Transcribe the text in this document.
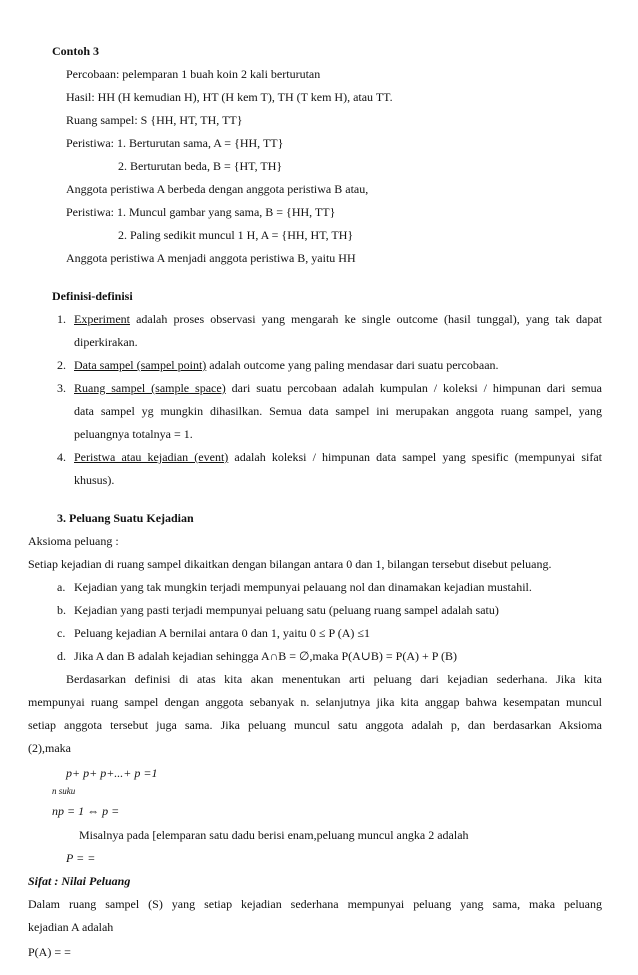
Contoh 3
Percobaan: pelemparan 1 buah koin 2 kali berturutan
Hasil: HH (H kemudian H), HT (H kem T), TH (T kem H), atau TT.
Ruang sampel: S {HH, HT, TH, TT}
Peristiwa: 1. Berturutan sama, A = {HH, TT}
2. Berturutan beda, B = {HT, TH}
Anggota peristiwa A berbeda dengan anggota peristiwa B atau,
Peristiwa: 1. Muncul gambar yang sama, B = {HH, TT}
2. Paling sedikit muncul 1 H, A = {HH, HT, TH}
Anggota peristiwa A menjadi anggota peristiwa B, yaitu HH
Definisi-definisi
1. Experiment adalah proses observasi yang mengarah ke single outcome (hasil tunggal), yang tak dapat
diperkirakan.
2. Data sampel (sampel point) adalah outcome yang paling mendasar dari suatu percobaan.
3. Ruang sampel (sample space) dari suatu percobaan adalah kumpulan / koleksi / himpunan dari semua
data sampel yg mungkin dihasilkan. Semua data sampel ini merupakan anggota ruang sampel, yang
peluangnya totalnya = 1.
4. Peristwa atau kejadian (event) adalah koleksi / himpunan data sampel yang spesific (mempunyai sifat
khusus).
3. Peluang Suatu Kejadian
Aksioma peluang :
Setiap kejadian di ruang sampel dikaitkan dengan bilangan antara 0 dan 1, bilangan tersebut disebut peluang.
a. Kejadian yang tak mungkin terjadi mempunyai pelauang nol dan dinamakan kejadian mustahil.
b. Kejadian yang pasti terjadi mempunyai peluang satu (peluang ruang sampel adalah satu)
c. Peluang kejadian A bernilai antara 0 dan 1, yaitu 0 ≤ P (A) ≤1
d. Jika A dan B adalah kejadian sehingga A∩B = ∅,maka P(A∪B) = P(A) + P (B)
Berdasarkan definisi di atas kita akan menentukan arti peluang dari kejadian sederhana. Jika kita
mempunyai ruang sampel dengan anggota sebanyak n. selanjutnya jika kita anggap bahwa kesempatan muncul
setiap anggota tersebut juga sama. Jika peluang muncul satu anggota adalah p, dan berdasarkan Aksioma
(2),maka
p+ p+ p+...+ p =1
n suku
np = 1 ⇔ p =
Misalnya pada [elemparan satu dadu berisi enam,peluang muncul angka 2 adalah
P = =
Sifat : Nilai Peluang
Dalam ruang sampel (S) yang setiap kejadian sederhana mempunyai peluang yang sama, maka peluang
kejadian A adalah
P(A) = =
